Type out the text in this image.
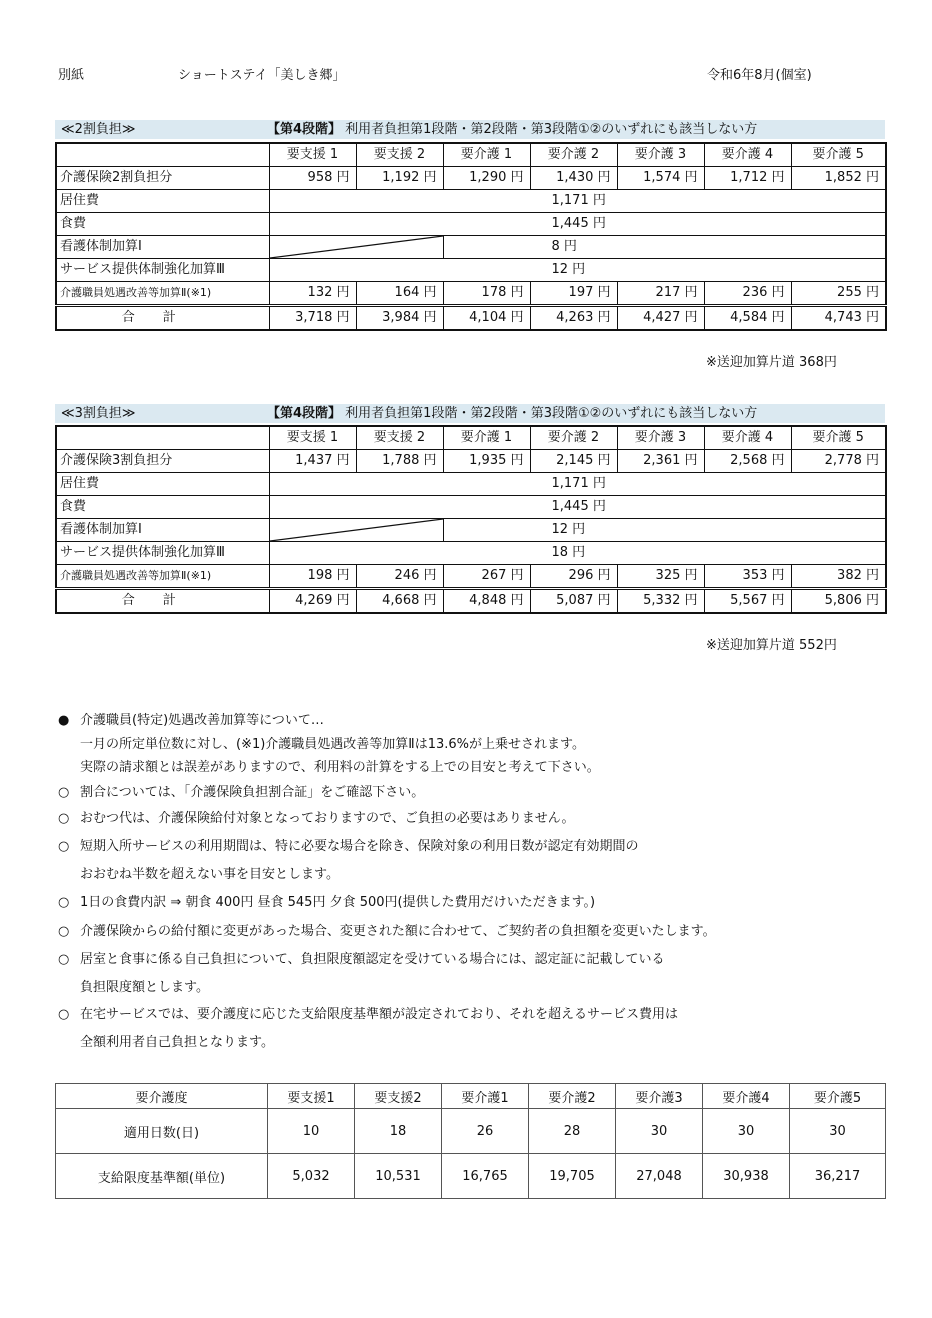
別紙	ショートステイ「美しき郷」	令和6年8月(個室)
≪2割負担≫	【第4段階】 利用者負担第1段階・第2段階・第3段階①②のいずれにも該当しない方
	要支援 1	要支援 2	要介護 1	要介護 2	要介護 3	要介護 4	要介護 5
介護保険2割負担分	958 円	1,192 円	1,290 円	1,430 円	1,574 円	1,712 円	1,852 円
居住費	1,171 円						
食費	1,445 円						
看護体制加算Ⅰ			8 円				
サービス提供体制強化加算Ⅲ	12 円						
介護職員処遇改善等加算Ⅱ(※1)	132 円	164 円	178 円	197 円	217 円	236 円	255 円
合計	3,718 円	3,984 円	4,104 円	4,263 円	4,427 円	4,584 円	4,743 円
※送迎加算片道 368円
≪3割負担≫	【第4段階】 利用者負担第1段階・第2段階・第3段階①②のいずれにも該当しない方
	要支援 1	要支援 2	要介護 1	要介護 2	要介護 3	要介護 4	要介護 5
介護保険3割負担分	1,437 円	1,788 円	1,935 円	2,145 円	2,361 円	2,568 円	2,778 円
居住費	1,171 円						
食費	1,445 円						
看護体制加算Ⅰ			12 円				
サービス提供体制強化加算Ⅲ	18 円						
介護職員処遇改善等加算Ⅱ(※1)	198 円	246 円	267 円	296 円	325 円	353 円	382 円
合計	4,269 円	4,668 円	4,848 円	5,087 円	5,332 円	5,567 円	5,806 円
※送迎加算片道 552円
● 介護職員(特定)処遇改善加算等について…
一月の所定単位数に対し、(※1)介護職員処遇改善等加算Ⅱは13.6%が上乗せされます。
実際の請求額とは誤差がありますので、利用料の計算をする上での目安と考えて下さい。
○ 割合については、「介護保険負担割合証」をご確認下さい。
○ おむつ代は、介護保険給付対象となっておりますので、ご負担の必要はありません。
○ 短期入所サービスの利用期間は、特に必要な場合を除き、保険対象の利用日数が認定有効期間の
おおむね半数を超えない事を目安とします。
○ 1日の食費内訳 ⇒ 朝食 400円 昼食 545円 夕食 500円(提供した費用だけいただきます。)
○ 介護保険からの給付額に変更があった場合、変更された額に合わせて、ご契約者の負担額を変更いたします。
○ 居室と食事に係る自己負担について、負担限度額認定を受けている場合には、認定証に記載している
負担限度額とします。
○ 在宅サービスでは、要介護度に応じた支給限度基準額が設定されており、それを超えるサービス費用は
全額利用者自己負担となります。
要介護度	要支援1	要支援2	要介護1	要介護2	要介護3	要介護4	要介護5
適用日数(日)	10	18	26	28	30	30	30
支給限度基準額(単位)	5,032	10,531	16,765	19,705	27,048	30,938	36,217
